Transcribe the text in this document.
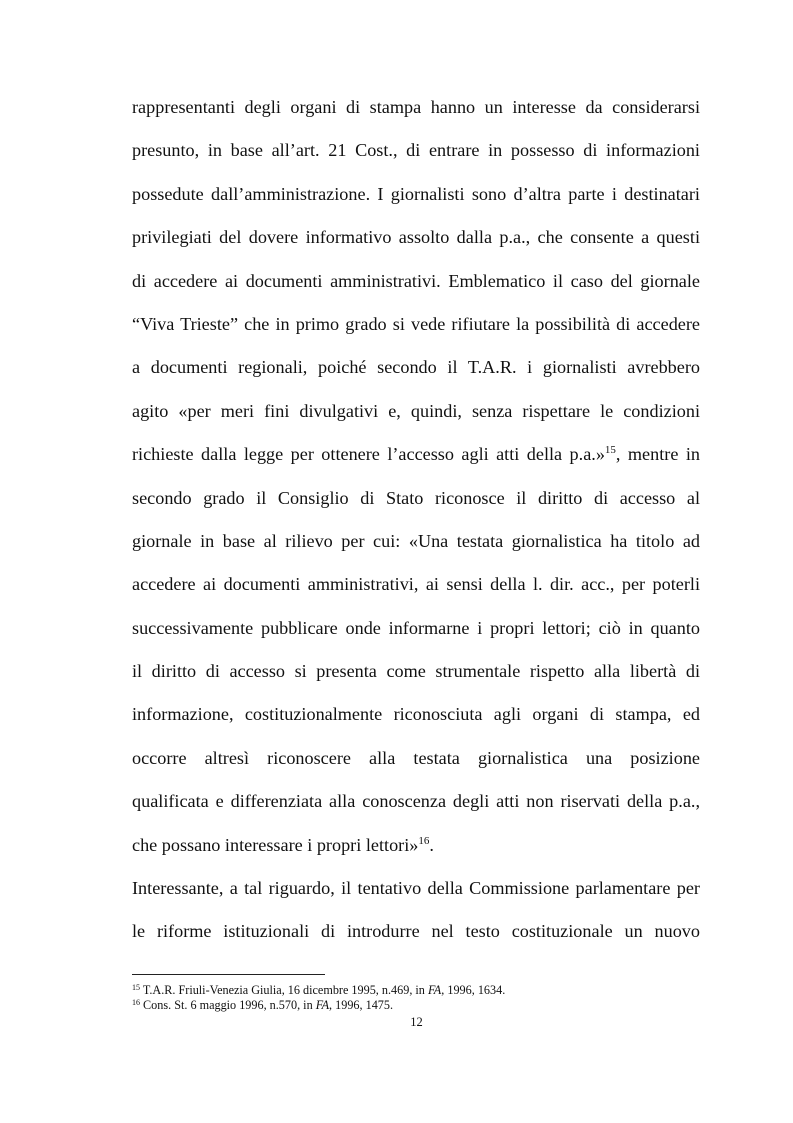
rappresentanti degli organi di stampa hanno un interesse da considerarsi
presunto, in base all’art. 21 Cost., di entrare in possesso di informazioni
possedute dall’amministrazione. I giornalisti sono d’altra parte i destinatari
privilegiati del dovere informativo assolto dalla p.a., che consente a questi
di accedere ai documenti amministrativi. Emblematico il caso del giornale
“Viva Trieste” che in primo grado si vede rifiutare la possibilità di accedere
a documenti regionali, poiché secondo il T.A.R. i giornalisti avrebbero
agito «per meri fini divulgativi e, quindi, senza rispettare le condizioni
richieste dalla legge per ottenere l’accesso agli atti della p.a.»$^{15}$, mentre in
secondo grado il Consiglio di Stato riconosce il diritto di accesso al
giornale in base al rilievo per cui: «Una testata giornalistica ha titolo ad
accedere ai documenti amministrativi, ai sensi della l. dir. acc., per poterli
successivamente pubblicare onde informarne i propri lettori; ciò in quanto
il diritto di accesso si presenta come strumentale rispetto alla libertà di
informazione, costituzionalmente riconosciuta agli organi di stampa, ed
occorre altresì riconoscere alla testata giornalistica una posizione
qualificata e differenziata alla conoscenza degli atti non riservati della p.a.,
che possano interessare i propri lettori»$^{16}$.
Interessante, a tal riguardo, il tentativo della Commissione parlamentare per
le riforme istituzionali di introdurre nel testo costituzionale un nuovo
$^{15}$ T.A.R. Friuli-Venezia Giulia, 16 dicembre 1995, n.469, in FA, 1996, 1634.
$^{16}$ Cons. St. 6 maggio 1996, n.570, in FA, 1996, 1475.
12
